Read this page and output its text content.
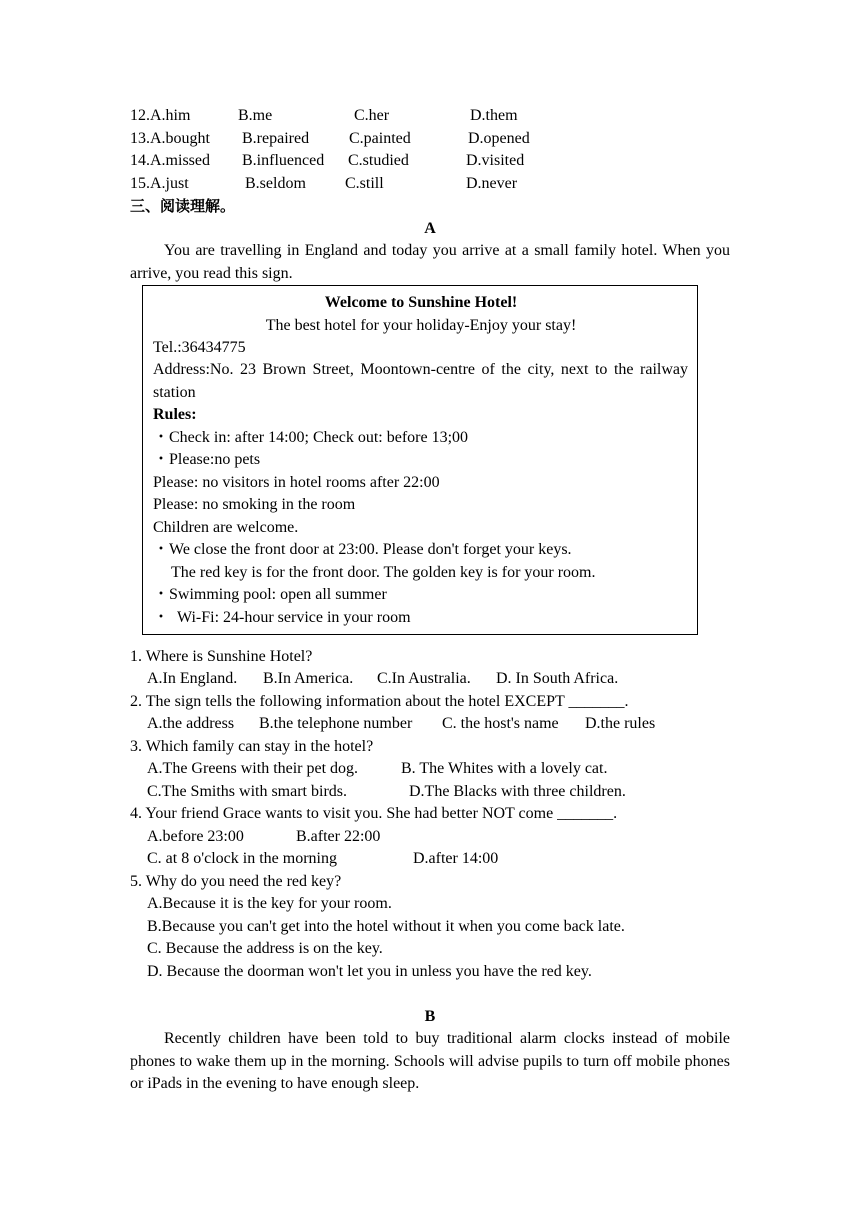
12.A.him	B.me	C.her	D.them
13.A.bought B.repaired C.painted	D.opened
14.A.missed B.influenced C.studied	D.visited
15.A.just	B.seldom C.still	D.never
三、阅读理解。
A
You are travelling in England and today you arrive at a small family hotel. When you arrive, you read this sign.
Welcome to Sunshine Hotel!
The best hotel for your holiday-Enjoy your stay!
Tel.:36434775
Address:No. 23 Brown Street, Moontown-centre of the city, next to the railway station
Rules:
・Check in: after 14:00; Check out: before 13;00
・Please:no pets
Please: no visitors in hotel rooms after 22:00
Please: no smoking in the room
Children are welcome.
・We close the front door at 23:00. Please don't forget your keys.
The red key is for the front door. The golden key is for your room.
・Swimming pool: open all summer
・  Wi-Fi: 24-hour service in your room
1. Where is Sunshine Hotel?
A.In England. B.In America. C.In Australia. D. In South Africa.
2. The sign tells the following information about the hotel EXCEPT _______.
A.the address B.the telephone number C. the host's name D.the rules
3. Which family can stay in the hotel?
A.The Greens with their pet dog.	B. The Whites with a lovely cat.
C.The Smiths with smart birds.	D.The Blacks with three children.
4. Your friend Grace wants to visit you. She had better NOT come _______.
A.before 23:00	B.after 22:00
C. at 8 o'clock in the morning	D.after 14:00
5. Why do you need the red key?
A.Because it is the key for your room.
B.Because you can't get into the hotel without it when you come back late.
C. Because the address is on the key.
D. Because the doorman won't let you in unless you have the red key.
B
Recently children have been told to buy traditional alarm clocks instead of mobile phones to wake them up in the morning. Schools will advise pupils to turn off mobile phones or iPads in the evening to have enough sleep.
